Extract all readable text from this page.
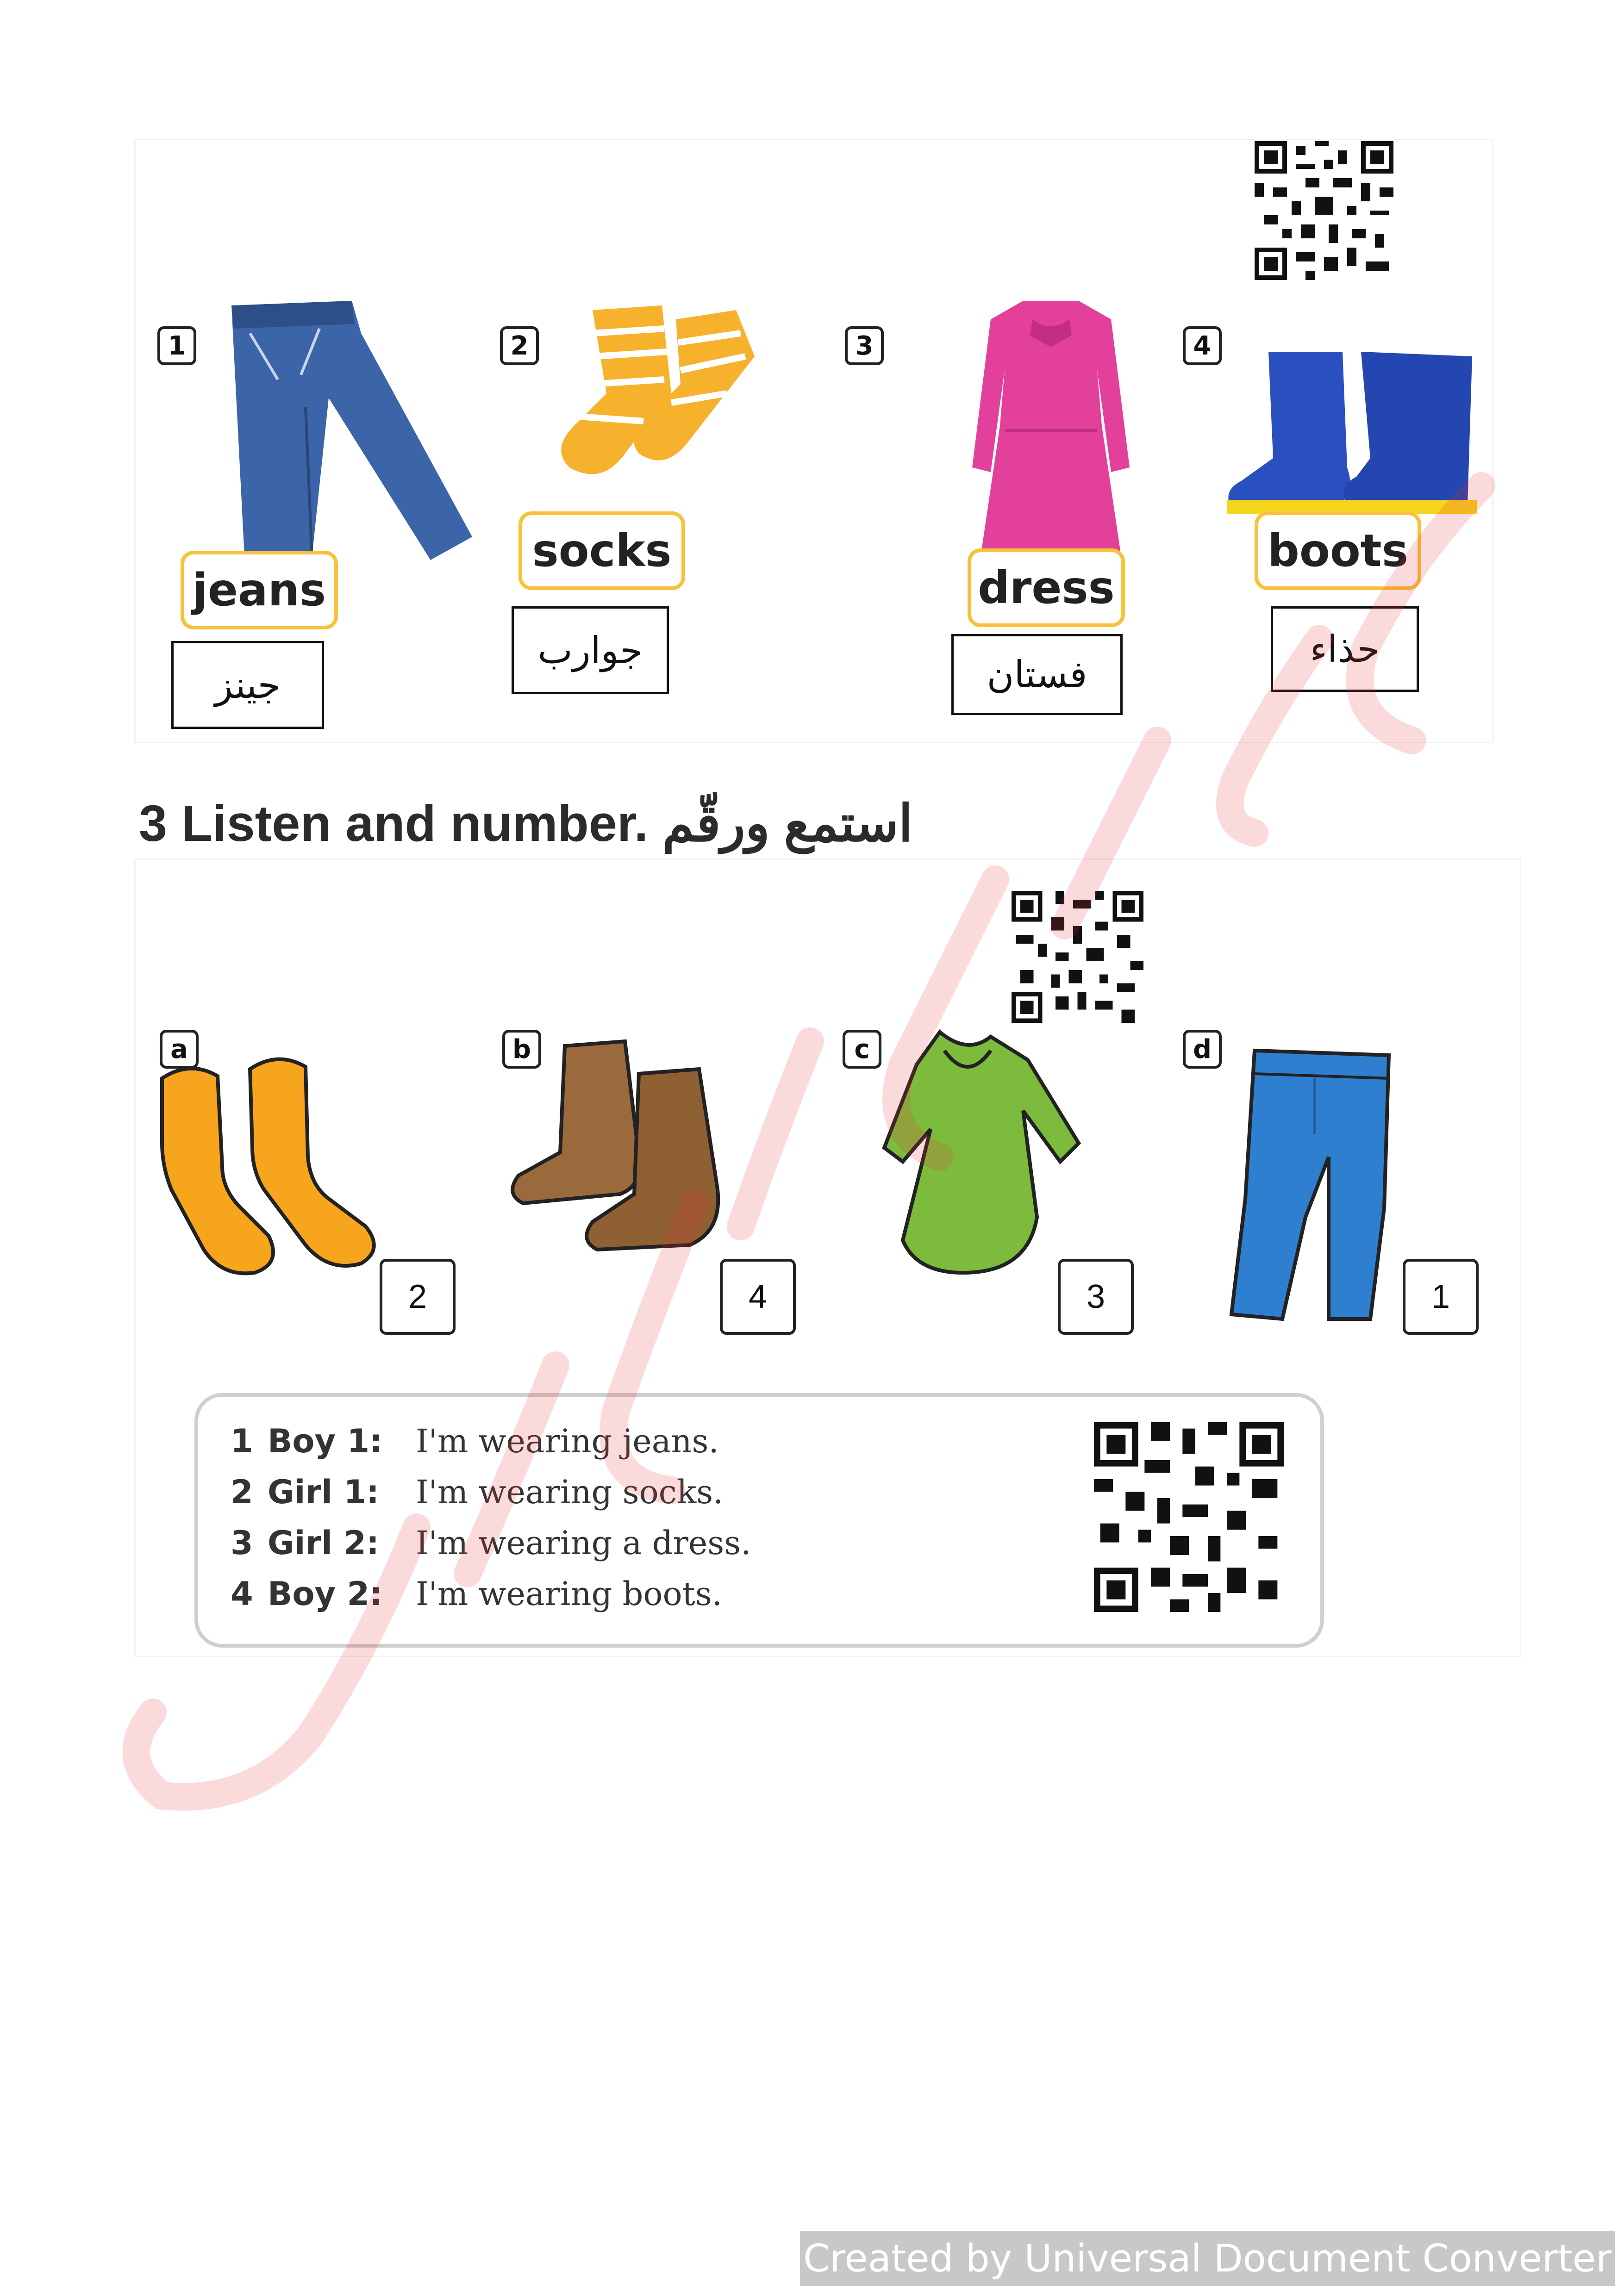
1
jeans
جينز
2
socks
جوارب
3
dress
فستان
4
boots
حذاء
3 Listen and number. استمع ورقّم
a
2
b
4
c
3
d
1
1 Boy 1: I'm wearing jeans.
2 Girl 1: I'm wearing socks.
3 Girl 2: I'm wearing a dress.
4 Boy 2: I'm wearing boots.
Created by Universal Document Converter
